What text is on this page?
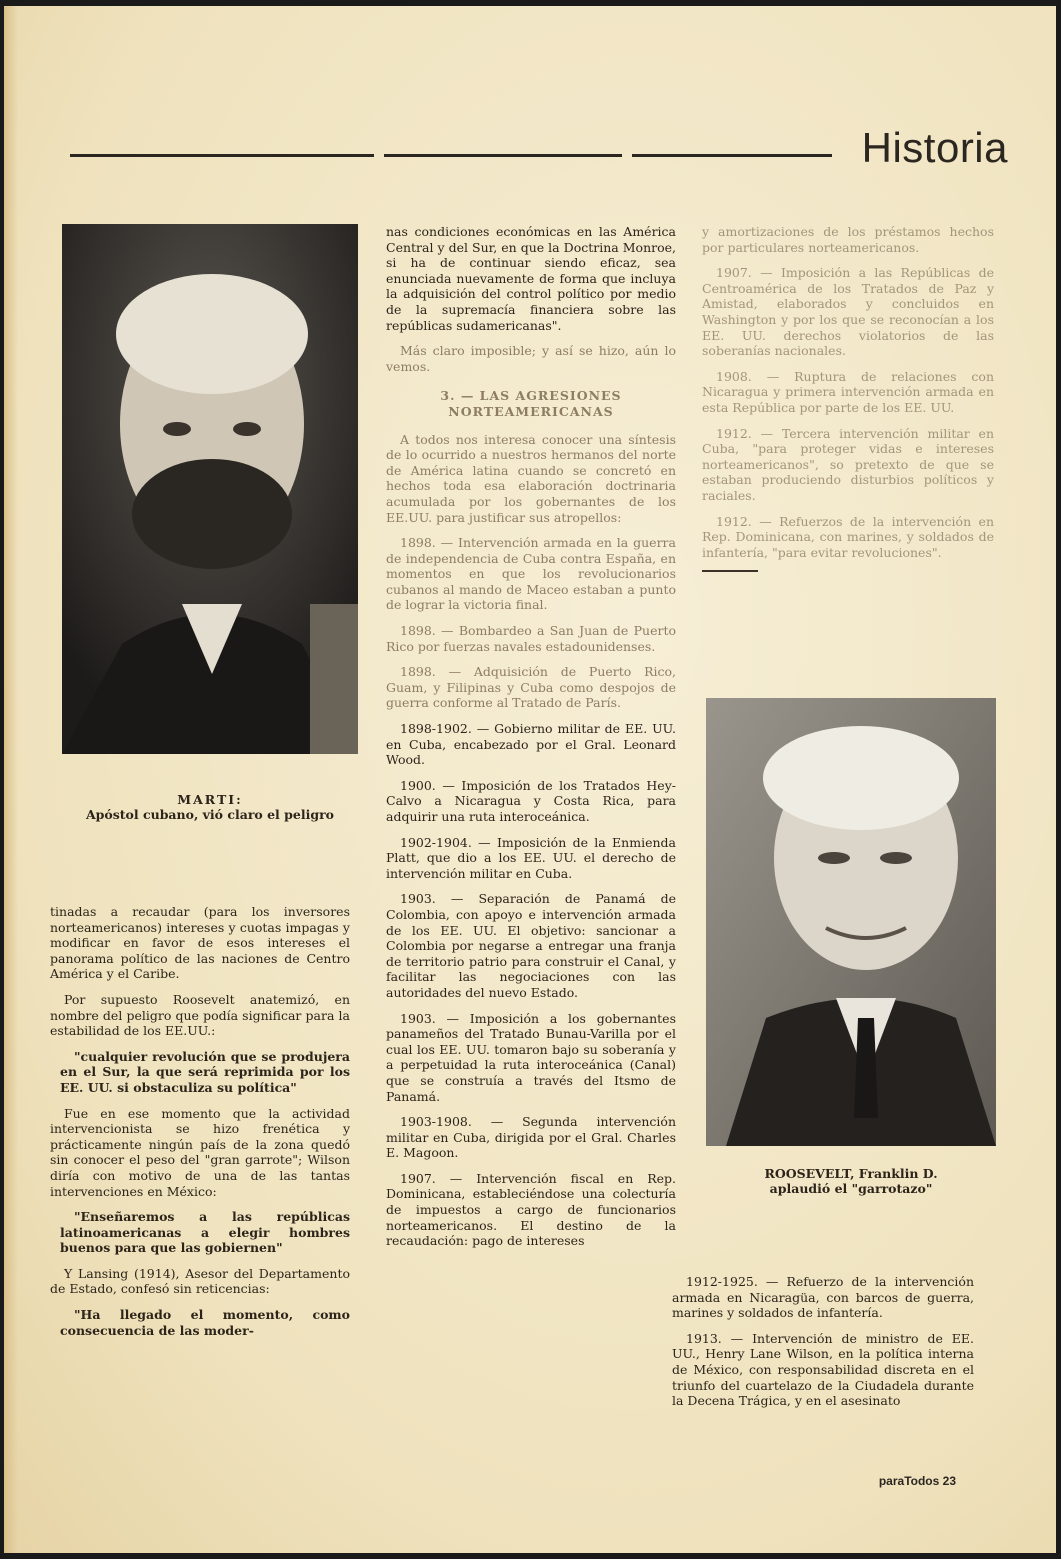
Historia
MARTI:
Apóstol cubano, vió claro el peligro

tinadas a recaudar (para los inversores norteamericanos) intereses y cuotas impagas y modificar en favor de esos intereses el panorama político de las naciones de Centro América y el Caribe.

Por supuesto Roosevelt anatemizó, en nombre del peligro que podía significar para la estabilidad de los EE.UU.:

"cualquier revolución que se produjera en el Sur, la que será reprimida por los EE. UU. si obstaculiza su política"

Fue en ese momento que la actividad intervencionista se hizo frenética y prácticamente ningún país de la zona quedó sin conocer el peso del "gran garrote"; Wilson diría con motivo de una de las tantas intervenciones en México:

"Enseñaremos a las repúblicas latinoamericanas a elegir hombres buenos para que las gobiernen"

Y Lansing (1914), Asesor del Departamento de Estado, confesó sin reticencias:

"Ha llegado el momento, como consecuencia de las moder-

nas condiciones económicas en las América Central y del Sur, en que la Doctrina Monroe, si ha de continuar siendo eficaz, sea enunciada nuevamente de forma que incluya la adquisición del control político por medio de la supremacía financiera sobre las repúblicas sudamericanas".

Más claro imposible; y así se hizo, aún lo vemos.

3. — LAS AGRESIONES NORTEAMERICANAS

A todos nos interesa conocer una síntesis de lo ocurrido a nuestros hermanos del norte de América latina cuando se concretó en hechos toda esa elaboración doctrinaria acumulada por los gobernantes de los EE.UU. para justificar sus atropellos:

1898. — Intervención armada en la guerra de independencia de Cuba contra España, en momentos en que los revolucionarios cubanos al mando de Maceo estaban a punto de lograr la victoria final.

1898. — Bombardeo a San Juan de Puerto Rico por fuerzas navales estadounidenses.

1898. — Adquisición de Puerto Rico, Guam, y Filipinas y Cuba como despojos de guerra conforme al Tratado de París.

1898-1902. — Gobierno militar de EE. UU. en Cuba, encabezado por el Gral. Leonard Wood.

1900. — Imposición de los Tratados Hey-Calvo a Nicaragua y Costa Rica, para adquirir una ruta interoceánica.

1902-1904. — Imposición de la Enmienda Platt, que dio a los EE. UU. el derecho de intervención militar en Cuba.

1903. — Separación de Panamá de Colombia, con apoyo e intervención armada de los EE. UU. El objetivo: sancionar a Colombia por negarse a entregar una franja de territorio patrio para construir el Canal, y facilitar las negociaciones con las autoridades del nuevo Estado.

1903. — Imposición a los gobernantes panameños del Tratado Bunau-Varilla por el cual los EE. UU. tomaron bajo su soberanía y a perpetuidad la ruta interoceánica (Canal) que se construía a través del Itsmo de Panamá.

1903-1908. — Segunda intervención militar en Cuba, dirigida por el Gral. Charles E. Magoon.

1907. — Intervención fiscal en Rep. Dominicana, estableciéndose una colecturía de impuestos a cargo de funcionarios norteamericanos. El destino de la recaudación: pago de intereses

y amortizaciones de los préstamos hechos por particulares norteamericanos.

1907. — Imposición a las Repúblicas de Centroamérica de los Tratados de Paz y Amistad, elaborados y concluidos en Washington y por los que se reconocían a los EE. UU. derechos violatorios de las soberanías nacionales.

1908. — Ruptura de relaciones con Nicaragua y primera intervención armada en esta República por parte de los EE. UU.

1912. — Tercera intervención militar en Cuba, "para proteger vidas e intereses norteamericanos", so pretexto de que se estaban produciendo disturbios políticos y raciales.

1912. — Refuerzos de la intervención en Rep. Dominicana, con marines, y soldados de infantería, "para evitar revoluciones".

ROOSEVELT, Franklin D.
aplaudió el "garrotazo"

1912-1925. — Refuerzo de la intervención armada en Nicaragüa, con barcos de guerra, marines y soldados de infantería.

1913. — Intervención de ministro de EE. UU., Henry Lane Wilson, en la política interna de México, con responsabilidad discreta en el triunfo del cuartelazo de la Ciudadela durante la Decena Trágica, y en el asesinato

paraTodos 23
